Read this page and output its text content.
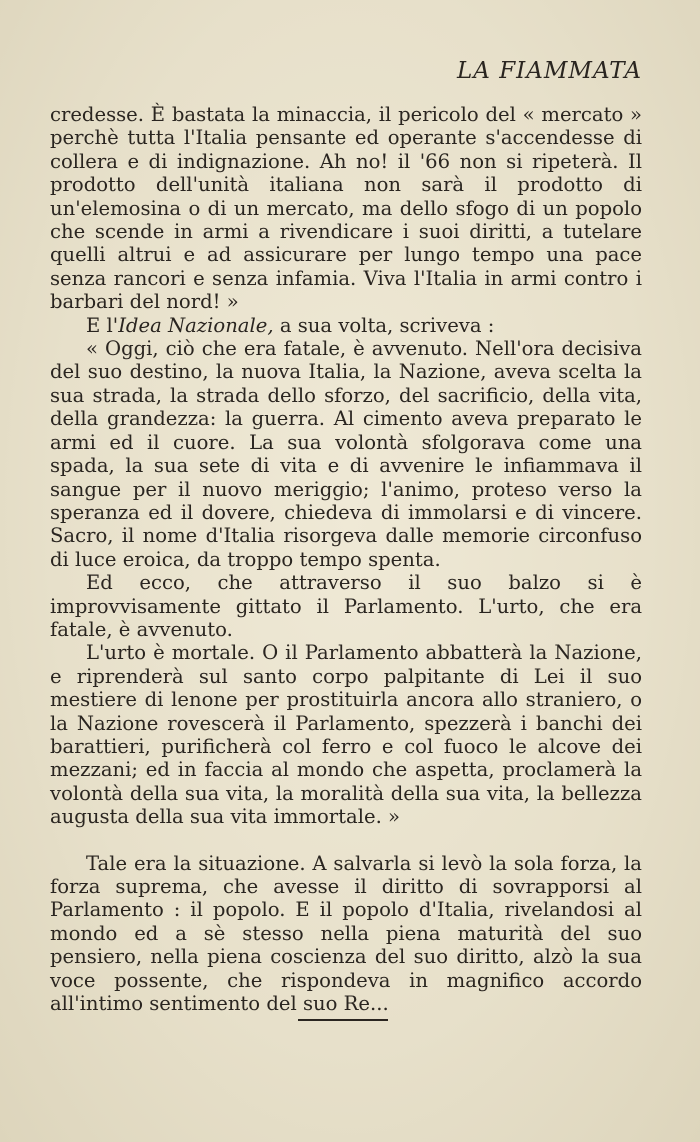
LA FIAMMATA

credesse. È bastata la minaccia, il pericolo del « mercato » perchè tutta l'Italia pensante ed operante s'accendesse di collera e di indignazione. Ah no! il '66 non si ripeterà. Il prodotto dell'unità italiana non sarà il prodotto di un'elemosina o di un mercato, ma dello sfogo di un popolo che scende in armi a rivendicare i suoi diritti, a tutelare quelli altrui e ad assicurare per lungo tempo una pace senza rancori e senza infamia. Viva l'Italia in armi contro i barbari del nord! »

E l'Idea Nazionale, a sua volta, scriveva :

« Oggi, ciò che era fatale, è avvenuto. Nell'ora decisiva del suo destino, la nuova Italia, la Nazione, aveva scelta la sua strada, la strada dello sforzo, del sacrificio, della vita, della grandezza: la guerra. Al cimento aveva preparato le armi ed il cuore. La sua volontà sfolgorava come una spada, la sua sete di vita e di avvenire le infiammava il sangue per il nuovo meriggio; l'animo, proteso verso la speranza ed il dovere, chiedeva di immolarsi e di vincere. Sacro, il nome d'Italia risorgeva dalle memorie circonfuso di luce eroica, da troppo tempo spenta.

Ed ecco, che attraverso il suo balzo si è improvvisamente gittato il Parlamento. L'urto, che era fatale, è avvenuto.

L'urto è mortale. O il Parlamento abbatterà la Nazione, e riprenderà sul santo corpo palpitante di Lei il suo mestiere di lenone per prostituirla ancora allo straniero, o la Nazione rovescerà il Parlamento, spezzerà i banchi dei barattieri, purificherà col ferro e col fuoco le alcove dei mezzani; ed in faccia al mondo che aspetta, proclamerà la volontà della sua vita, la moralità della sua vita, la bellezza augusta della sua vita immortale. »

Tale era la situazione. A salvarla si levò la sola forza, la forza suprema, che avesse il diritto di sovrapporsi al Parlamento : il popolo. E il popolo d'Italia, rivelandosi al mondo ed a sè stesso nella piena maturità del suo pensiero, nella piena coscienza del suo diritto, alzò la sua voce possente, che rispondeva in magnifico accordo all'intimo sentimento del suo Re...
